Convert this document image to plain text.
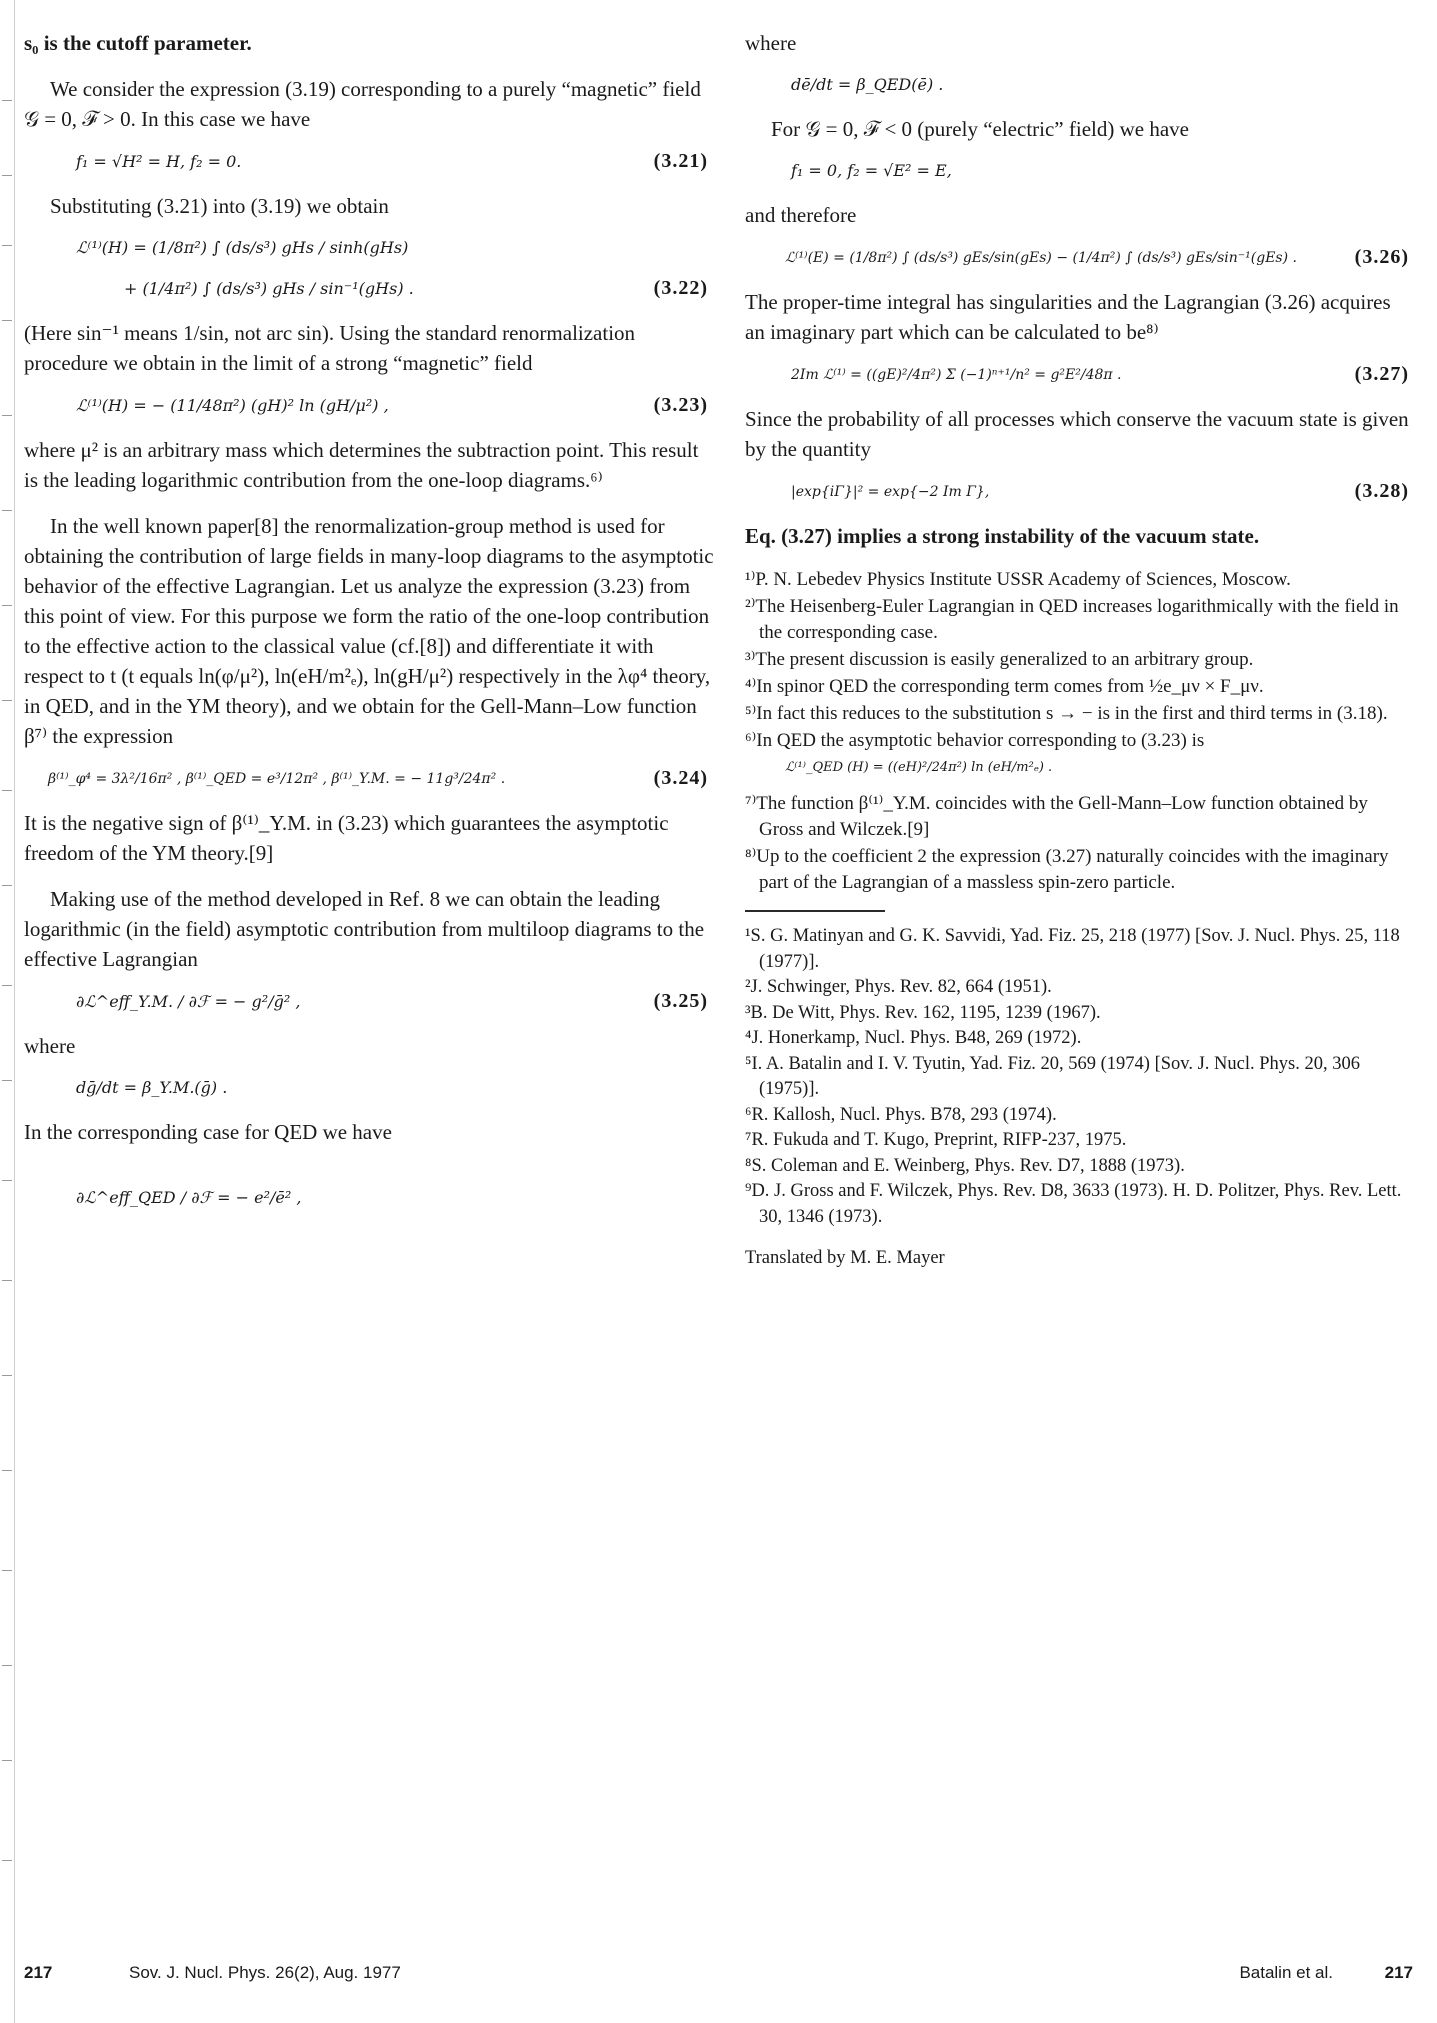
s₀ is the cutoff parameter.

We consider the expression (3.19) corresponding to a purely “magnetic” field 𝒢 = 0, ℱ > 0. In this case we have

f₁ = √H² = H, f₂ = 0.	(3.21)

Substituting (3.21) into (3.19) we obtain

ℒ⁽¹⁾(H) = (1/8π²) ∫ (ds/s³) gHs / sinh(gHs)
+ (1/4π²) ∫ (ds/s³) gHs / sin⁻¹(gHs) .	(3.22)

(Here sin⁻¹ means 1/sin, not arc sin). Using the standard renormalization procedure we obtain in the limit of a strong “magnetic” field

ℒ⁽¹⁾(H) = − (11/48π²) (gH)² ln (gH/μ²) ,	(3.23)

where μ² is an arbitrary mass which determines the subtraction point. This result is the leading logarithmic contribution from the one-loop diagrams.⁶⁾

In the well known paper[8] the renormalization-group method is used for obtaining the contribution of large fields in many-loop diagrams to the asymptotic behavior of the effective Lagrangian. Let us analyze the expression (3.23) from this point of view. For this purpose we form the ratio of the one-loop contribution to the effective action to the classical value (cf.[8]) and differentiate it with respect to t (t equals ln(φ/μ²), ln(eH/m²ₑ), ln(gH/μ²) respectively in the λφ⁴ theory, in QED, and in the YM theory), and we obtain for the Gell-Mann–Low function β⁷⁾ the expression

β⁽¹⁾_φ⁴ = 3λ²/16π² , β⁽¹⁾_QED = e³/12π² , β⁽¹⁾_Y.M. = − 11g³/24π² .	(3.24)

It is the negative sign of β⁽¹⁾_Y.M. in (3.23) which guarantees the asymptotic freedom of the YM theory.[9]

Making use of the method developed in Ref. 8 we can obtain the leading logarithmic (in the field) asymptotic contribution from multiloop diagrams to the effective Lagrangian

∂ℒ^eff_Y.M. / ∂ℱ = − g²/ḡ² ,	(3.25)

where

dḡ/dt = β_Y.M.(ḡ) .

In the corresponding case for QED we have

∂ℒ^eff_QED / ∂ℱ = − e²/ē² ,

where

dē/dt = β_QED(ē) .

For 𝒢 = 0, ℱ < 0 (purely “electric” field) we have

f₁ = 0, f₂ = √E² = E,

and therefore

ℒ⁽¹⁾(E) = (1/8π²) ∫ (ds/s³) gEs/sin(gEs) − (1/4π²) ∫ (ds/s³) gEs/sin⁻¹(gEs) .	(3.26)

The proper-time integral has singularities and the Lagrangian (3.26) acquires an imaginary part which can be calculated to be⁸⁾

2Im ℒ⁽¹⁾ = ((gE)²/4π²) Σ (−1)ⁿ⁺¹/n² = g²E²/48π .	(3.27)

Since the probability of all processes which conserve the vacuum state is given by the quantity

|exp{iΓ}|² = exp{−2 Im Γ},	(3.28)

Eq. (3.27) implies a strong instability of the vacuum state.

¹⁾P. N. Lebedev Physics Institute USSR Academy of Sciences, Moscow.
²⁾The Heisenberg-Euler Lagrangian in QED increases logarithmically with the field in the corresponding case.
³⁾The present discussion is easily generalized to an arbitrary group.
⁴⁾In spinor QED the corresponding term comes from ½e_μν × F_μν.
⁵⁾In fact this reduces to the substitution s → − is in the first and third terms in (3.18).
⁶⁾In QED the asymptotic behavior corresponding to (3.23) is
ℒ⁽¹⁾_QED (H) = ((eH)²/24π²) ln (eH/m²ₑ) .
⁷⁾The function β⁽¹⁾_Y.M. coincides with the Gell-Mann–Low function obtained by Gross and Wilczek.[9]
⁸⁾Up to the coefficient 2 the expression (3.27) naturally coincides with the imaginary part of the Lagrangian of a massless spin-zero particle.
¹S. G. Matinyan and G. K. Savvidi, Yad. Fiz. 25, 218 (1977) [Sov. J. Nucl. Phys. 25, 118 (1977)].
²J. Schwinger, Phys. Rev. 82, 664 (1951).
³B. De Witt, Phys. Rev. 162, 1195, 1239 (1967).
⁴J. Honerkamp, Nucl. Phys. B48, 269 (1972).
⁵I. A. Batalin and I. V. Tyutin, Yad. Fiz. 20, 569 (1974) [Sov. J. Nucl. Phys. 20, 306 (1975)].
⁶R. Kallosh, Nucl. Phys. B78, 293 (1974).
⁷R. Fukuda and T. Kugo, Preprint, RIFP-237, 1975.
⁸S. Coleman and E. Weinberg, Phys. Rev. D7, 1888 (1973).
⁹D. J. Gross and F. Wilczek, Phys. Rev. D8, 3633 (1973). H. D. Politzer, Phys. Rev. Lett. 30, 1346 (1973).
Translated by M. E. Mayer
217	Sov. J. Nucl. Phys. 26(2), Aug. 1977	Batalin et al.	217
